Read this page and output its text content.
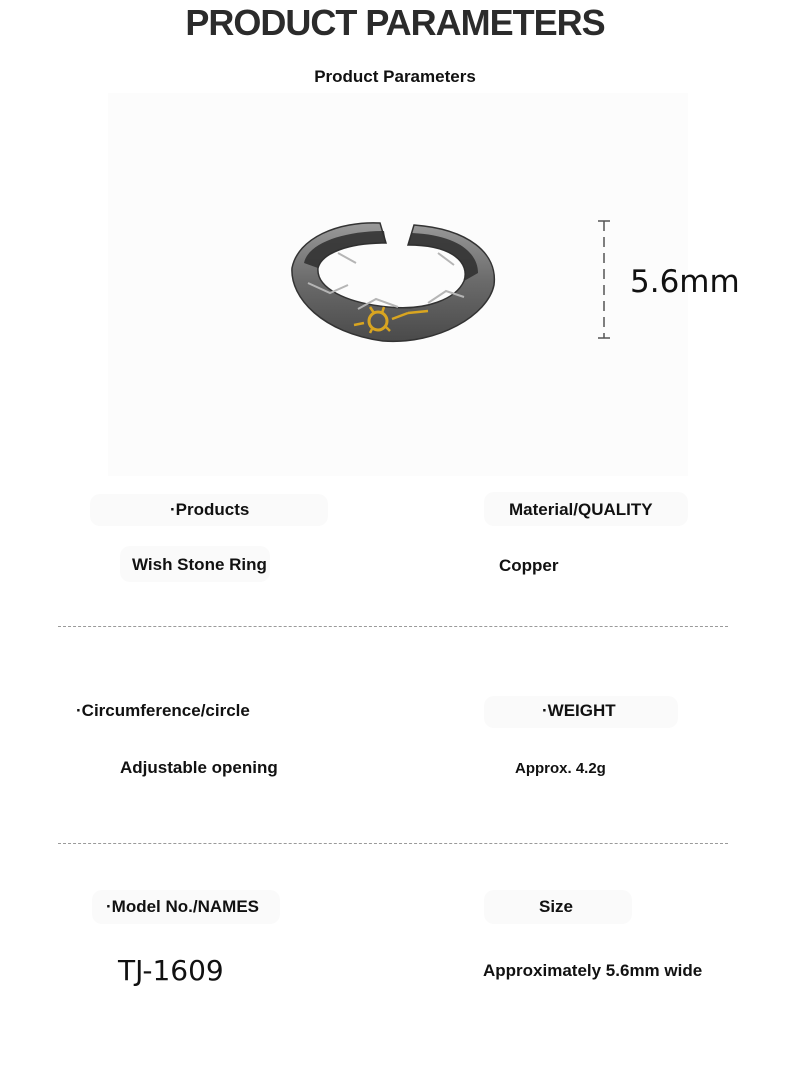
PRODUCT PARAMETERS
Product Parameters
5.6mm
·Products	Material/QUALITY
Wish Stone Ring	Copper
·Circumference/circle	·WEIGHT
Adjustable opening	Approx. 4.2g
·Model No./NAMES	Size
TJ-1609	Approximately 5.6mm wide
